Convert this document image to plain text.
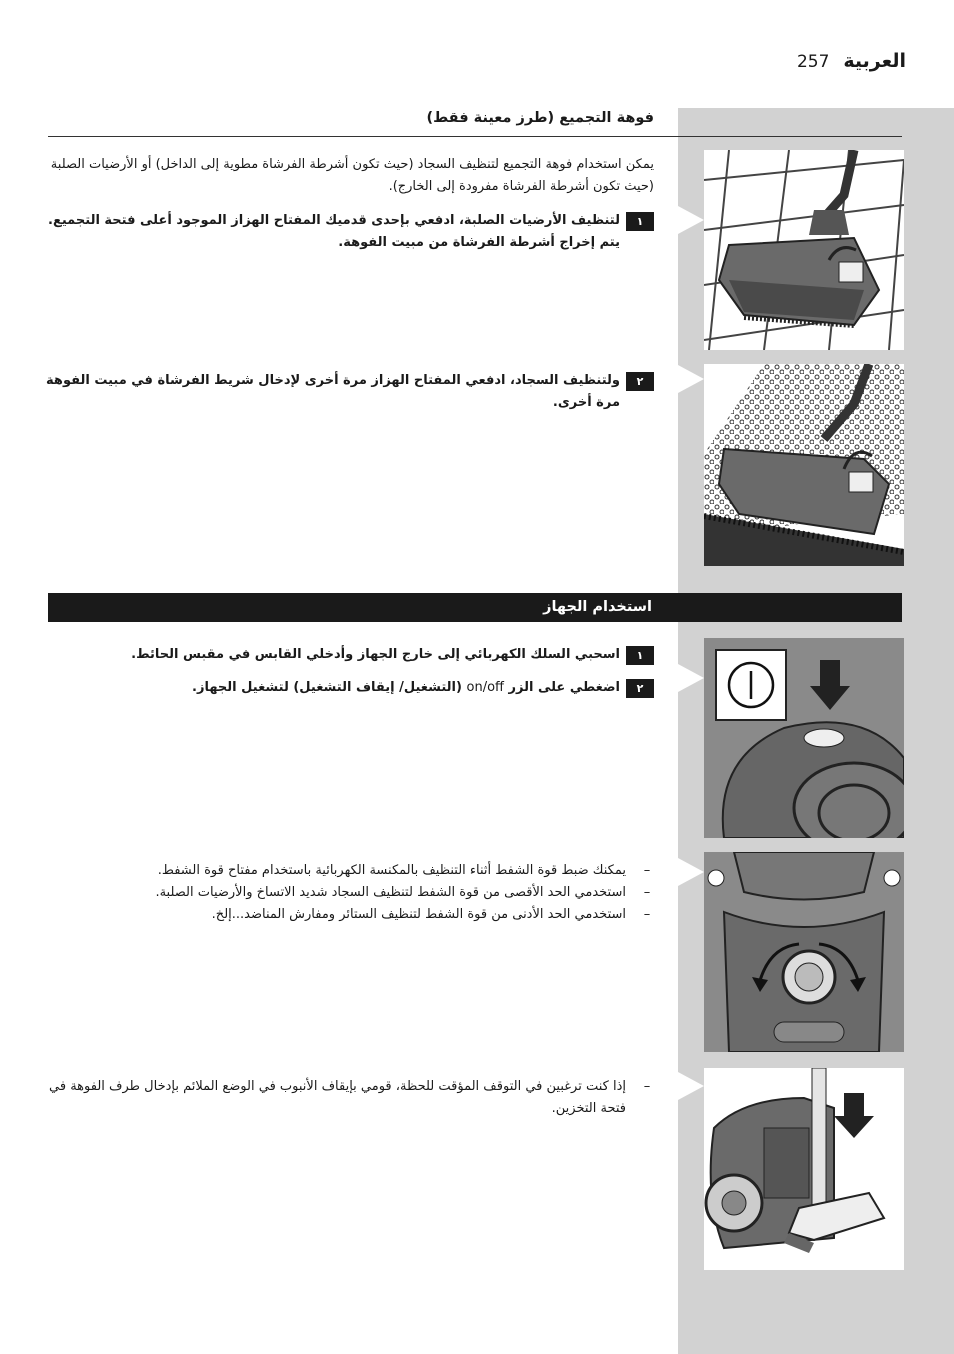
العربية
257
فوهة التجميع (طرز معينة فقط)
يمكن استخدام فوهة التجميع لتنظيف السجاد (حيث تكون أشرطة الفرشاة مطوية إلى الداخل) أو الأرضيات الصلبة (حيث تكون أشرطة الفرشاة مفرودة إلى الخارج).
١
لتنظيف الأرضيات الصلبة، ادفعي بإحدى قدميك المفتاح الهزاز الموجود أعلى فتحة التجميع. يتم إخراج أشرطة الفرشاة من مبيت الفوهة.
٢
ولتنظيف السجاد، ادفعي المفتاح الهزاز مرة أخرى لإدخال شريط الفرشاة في مبيت الفوهة مرة أخرى.
استخدام الجهاز
١
اسحبي السلك الكهربائي إلى خارج الجهاز وأدخلي القابس في مقبس الحائط.
٢
اضغطي على الزر on/off (التشغيل/ إيقاف التشغيل) لتشغيل الجهاز.
–
يمكنك ضبط قوة الشفط أثناء التنظيف بالمكنسة الكهربائية باستخدام مفتاح قوة الشفط.
–
استخدمي الحد الأقصى من قوة الشفط لتنظيف السجاد شديد الاتساخ والأرضيات الصلبة.
–
استخدمي الحد الأدنى من قوة الشفط لتنظيف الستائر ومفارش المناضد...إلخ.
–
إذا كنت ترغبين في التوقف المؤقت للحظة، قومي بإيقاف الأنبوب في الوضع الملائم بإدخال طرف الفوهة في فتحة التخزين.
